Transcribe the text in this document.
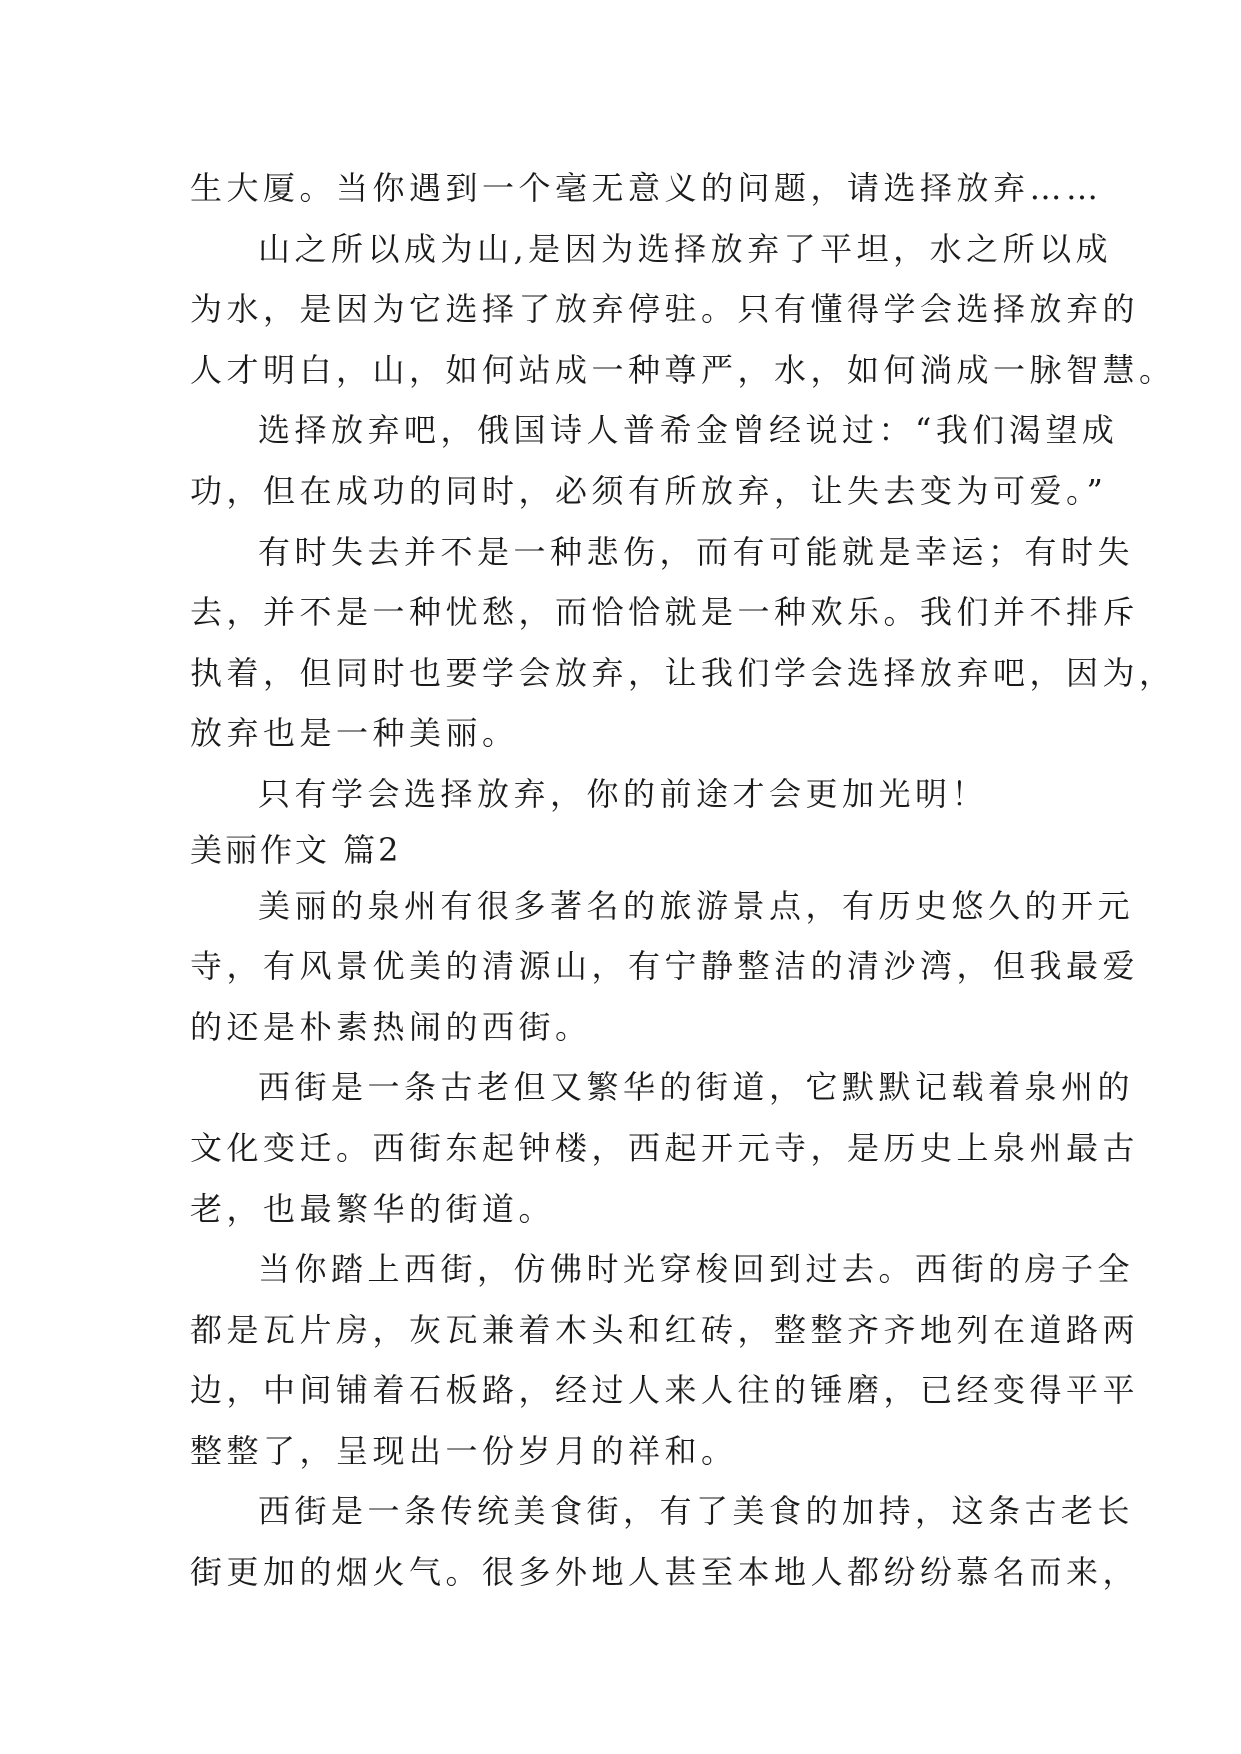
生大厦。当你遇到一个毫无意义的问题，请选择放弃……
山之所以成为山,是因为选择放弃了平坦，水之所以成
为水，是因为它选择了放弃停驻。只有懂得学会选择放弃的
人才明白，山，如何站成一种尊严，水，如何淌成一脉智慧。
选择放弃吧，俄国诗人普希金曾经说过：“我们渴望成
功，但在成功的同时，必须有所放弃，让失去变为可爱。”
有时失去并不是一种悲伤，而有可能就是幸运；有时失
去，并不是一种忧愁，而恰恰就是一种欢乐。我们并不排斥
执着，但同时也要学会放弃，让我们学会选择放弃吧，因为，
放弃也是一种美丽。
只有学会选择放弃，你的前途才会更加光明！
美丽作文 篇2
美丽的泉州有很多著名的旅游景点，有历史悠久的开元
寺，有风景优美的清源山，有宁静整洁的清沙湾，但我最爱
的还是朴素热闹的西街。
西街是一条古老但又繁华的街道，它默默记载着泉州的
文化变迁。西街东起钟楼，西起开元寺，是历史上泉州最古
老，也最繁华的街道。
当你踏上西街，仿佛时光穿梭回到过去。西街的房子全
都是瓦片房，灰瓦兼着木头和红砖，整整齐齐地列在道路两
边，中间铺着石板路，经过人来人往的锤磨，已经变得平平
整整了，呈现出一份岁月的祥和。
西街是一条传统美食街，有了美食的加持，这条古老长
街更加的烟火气。很多外地人甚至本地人都纷纷慕名而来，
